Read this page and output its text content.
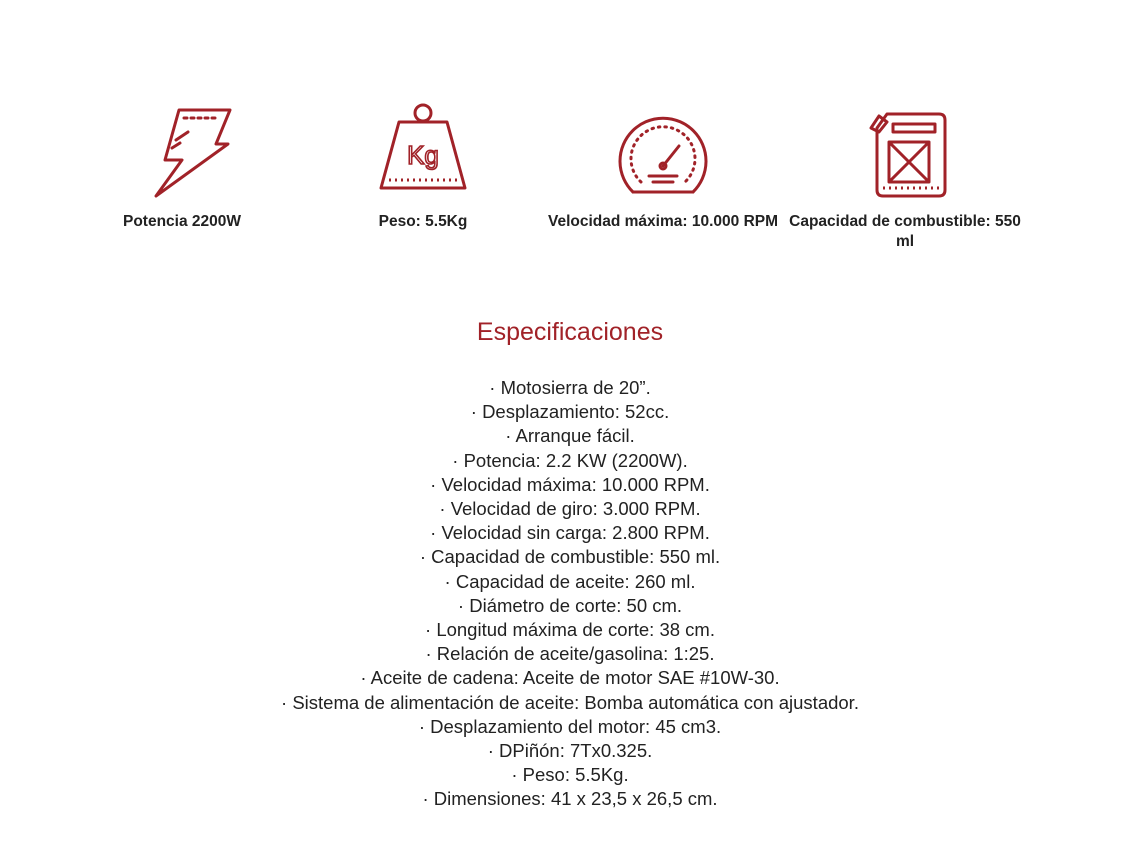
Potencia 2200W
Kg
Peso: 5.5Kg	Velocidad máxima: 10.000 RPM Capacidad de combustible: 550 ml
Especificaciones
· Motosierra de 20”.
· Desplazamiento: 52cc.
· Arranque fácil.
· Potencia: 2.2 KW (2200W).
· Velocidad máxima: 10.000 RPM.
· Velocidad de giro: 3.000 RPM.
· Velocidad sin carga: 2.800 RPM.
· Capacidad de combustible: 550 ml.
· Capacidad de aceite: 260 ml.
· Diámetro de corte: 50 cm.
· Longitud máxima de corte: 38 cm.
· Relación de aceite/gasolina: 1:25.
· Aceite de cadena: Aceite de motor SAE #10W-30.
· Sistema de alimentación de aceite: Bomba automática con ajustador.
· Desplazamiento del motor: 45 cm3.
· DPiñón: 7Tx0.325.
· Peso: 5.5Kg.
· Dimensiones: 41 x 23,5 x 26,5 cm.
